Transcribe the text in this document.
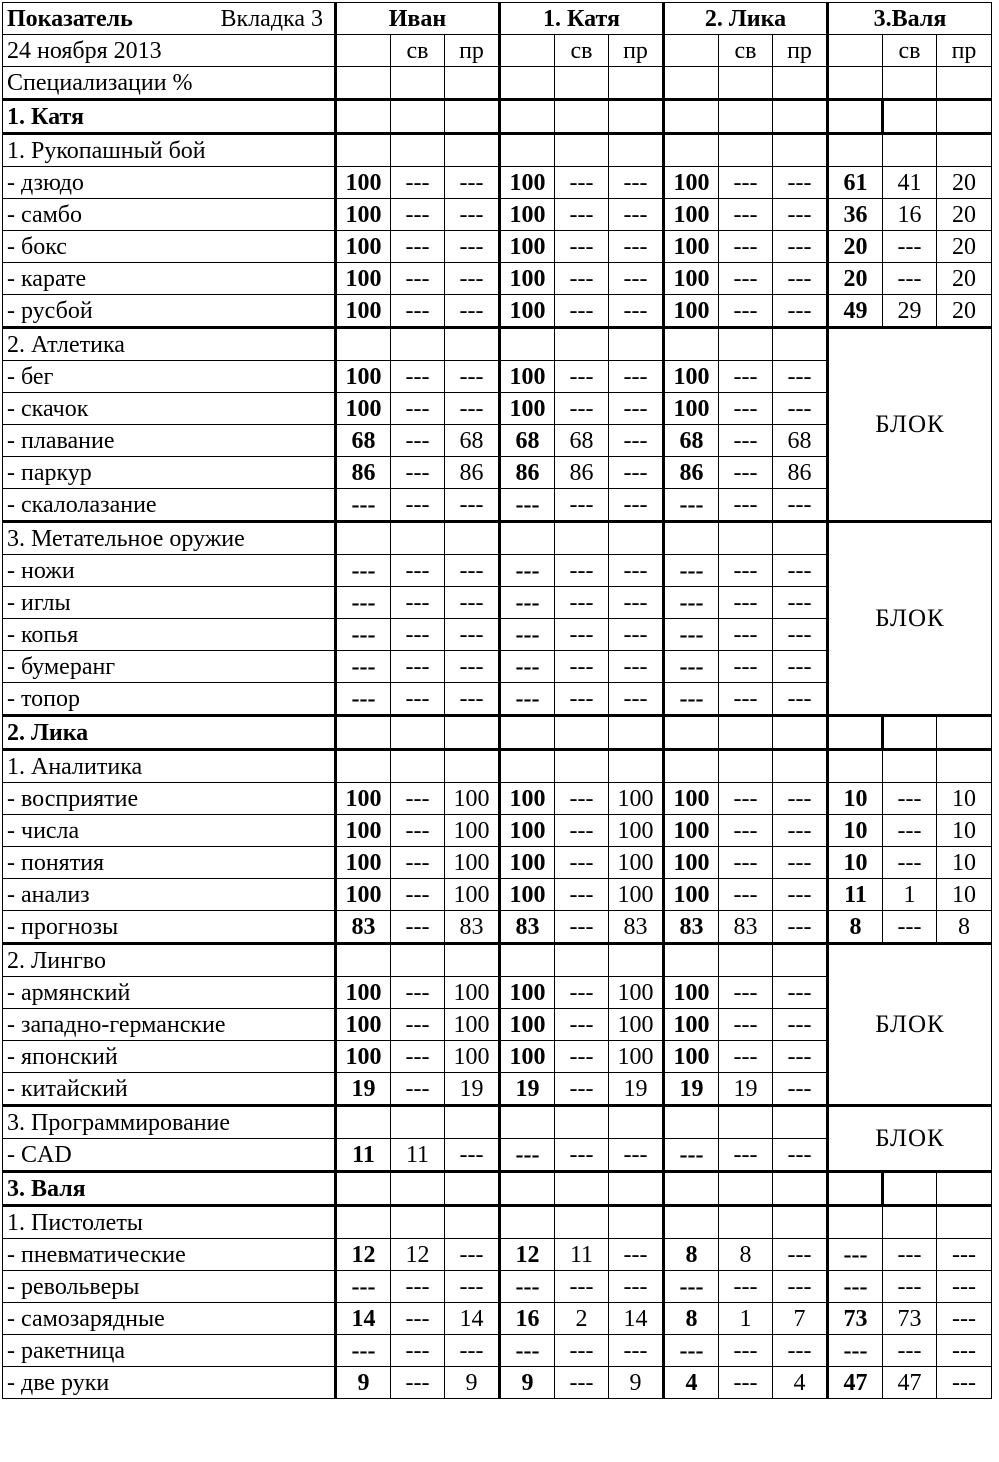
Показатель Вкладка 3	Иван			1. Катя			2. Лика			3.Валя		
24 ноября 2013		св	пр		св	пр		св	пр		св	пр
Специализации %												
1. Катя												
1. Рукопашный бой												
- дзюдо	100	---	---	100	---	---	100	---	---	61	41	20
- самбо	100	---	---	100	---	---	100	---	---	36	16	20
- бокс	100	---	---	100	---	---	100	---	---	20	---	20
- карате	100	---	---	100	---	---	100	---	---	20	---	20
- русбой	100	---	---	100	---	---	100	---	---	49	29	20
2. Атлетика										БЛОК		
- бег	100	---	---	100	---	---	100	---	---			
- скачок	100	---	---	100	---	---	100	---	---			
- плавание	68	---	68	68	68	---	68	---	68			
- паркур	86	---	86	86	86	---	86	---	86			
- скалолазание	---	---	---	---	---	---	---	---	---			
3. Метательное оружие										БЛОК		
- ножи	---	---	---	---	---	---	---	---	---			
- иглы	---	---	---	---	---	---	---	---	---			
- копья	---	---	---	---	---	---	---	---	---			
- бумеранг	---	---	---	---	---	---	---	---	---			
- топор	---	---	---	---	---	---	---	---	---			
2. Лика												
1. Аналитика												
- восприятие	100	---	100	100	---	100	100	---	---	10	---	10
- числа	100	---	100	100	---	100	100	---	---	10	---	10
- понятия	100	---	100	100	---	100	100	---	---	10	---	10
- анализ	100	---	100	100	---	100	100	---	---	11	1	10
- прогнозы	83	---	83	83	---	83	83	83	---	8	---	8
2. Лингво										БЛОК		
- армянский	100	---	100	100	---	100	100	---	---			
- западно-германские	100	---	100	100	---	100	100	---	---			
- японский	100	---	100	100	---	100	100	---	---			
- китайский	19	---	19	19	---	19	19	19	---			
3. Программирование										БЛОК		
- CAD	11	11	---	---	---	---	---	---	---			
3. Валя												
1. Пистолеты												
- пневматические	12	12	---	12	11	---	8	8	---	---	---	---
- револьверы	---	---	---	---	---	---	---	---	---	---	---	---
- самозарядные	14	---	14	16	2	14	8	1	7	73	73	---
- ракетница	---	---	---	---	---	---	---	---	---	---	---	---
- две руки	9	---	9	9	---	9	4	---	4	47	47	---
